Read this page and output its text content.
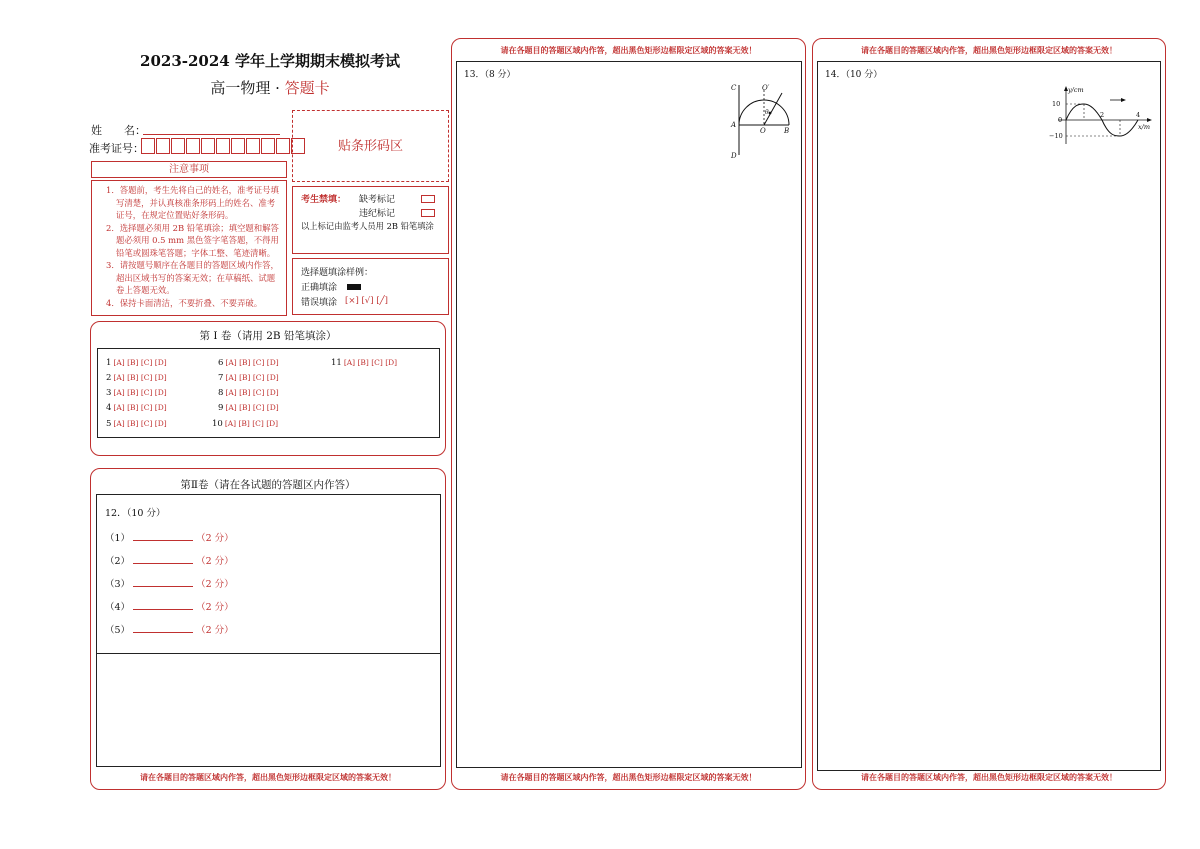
2023-2024 学年上学期期末模拟考试
高一物理 · 答题卡
姓　　名：
准考证号：	贴条形码区
注意事项
1．答题前，考生先将自己的姓名，准考证号填写清楚，并认真核准条形码上的姓名、准考证号，在规定位置贴好条形码。
2．选择题必须用 2B 铅笔填涂；填空题和解答题必须用 0.5 mm 黑色签字笔答题，不得用铅笔或圆珠笔答题；字体工整、笔迹清晰。
3．请按题号顺序在各题目的答题区域内作答，超出区域书写的答案无效；在草稿纸、试题卷上答题无效。
4．保持卡面清洁，不要折叠、不要弄破。
考生禁填： 缺考标记
违纪标记
以上标记由监考人员用 2B 铅笔填涂
选择题填涂样例：
正确填涂
错误填涂 [×] [√] [╱]
第 I 卷（请用 2B 铅笔填涂）
1 [A] [B] [C] [D]
2 [A] [B] [C] [D]
3 [A] [B] [C] [D]
4 [A] [B] [C] [D]
5 [A] [B] [C] [D]
6 [A] [B] [C] [D]
7 [A] [B] [C] [D]
8 [A] [B] [C] [D]
9 [A] [B] [C] [D]
10 [A] [B] [C] [D]
11 [A] [B] [C] [D]
第Ⅱ卷（请在各试题的答题区内作答）
12．（10 分）
（1）	（2 分）
（2）	（2 分）
（3）	（2 分）
（4）	（2 分）
（5）	（2 分）
请在各题目的答题区域内作答，超出黑色矩形边框限定区域的答案无效！
请在各题目的答题区域内作答，超出黑色矩形边框限定区域的答案无效！
13．（8 分）
C
D
A
O	B
O′
θ
请在各题目的答题区域内作答，超出黑色矩形边框限定区域的答案无效！
请在各题目的答题区域内作答，超出黑色矩形边框限定区域的答案无效！
14．（10 分）
y/cm
x/m
10
0
−10
2	4
请在各题目的答题区域内作答，超出黑色矩形边框限定区域的答案无效！
